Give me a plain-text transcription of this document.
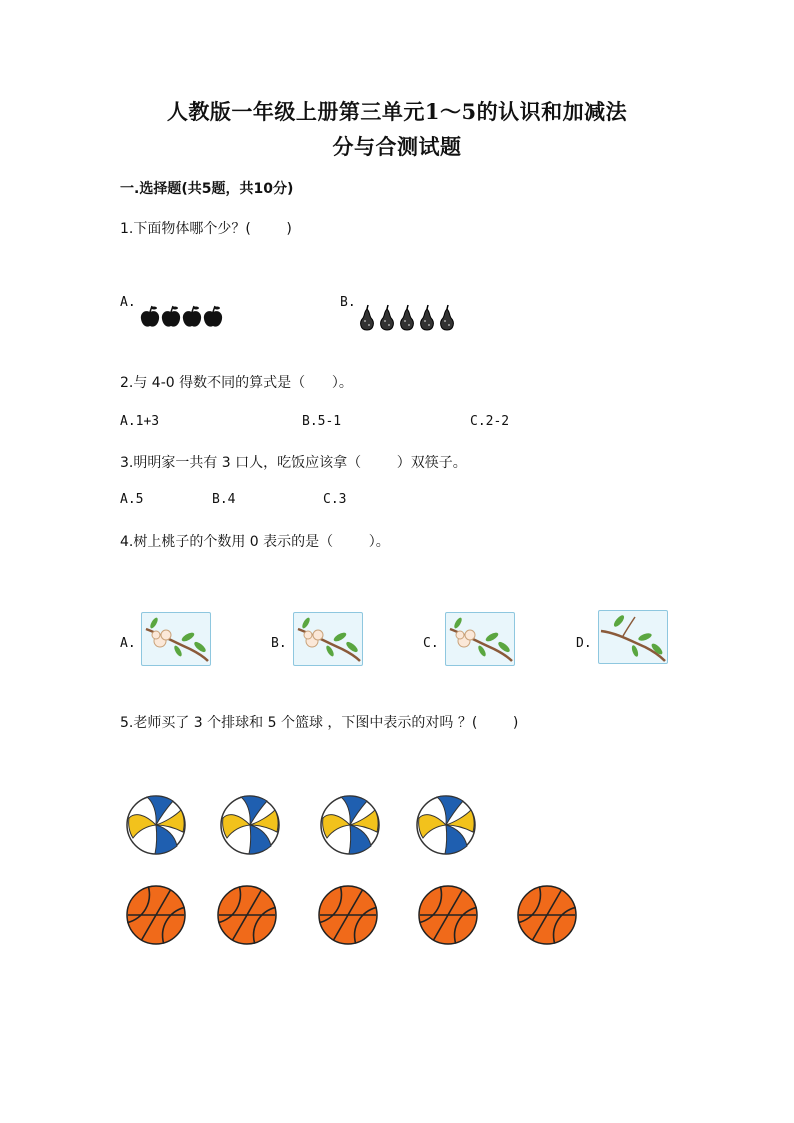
人教版一年级上册第三单元1～5的认识和加减法
分与合测试题
一.选择题(共5题，共10分)
1.下面物体哪个少？(        )
A.	B.
2.与 4-0 得数不同的算式是（      ）。
A.1+3	B.5-1	C.2-2
3.明明家一共有 3 口人，吃饭应该拿（        ）双筷子。
A.5	B.4	C.3
4.树上桃子的个数用 0 表示的是（        ）。
A.	B.	C.	D.
5.老师买了 3 个排球和 5 个篮球 ，下图中表示的对吗 ？(        )
